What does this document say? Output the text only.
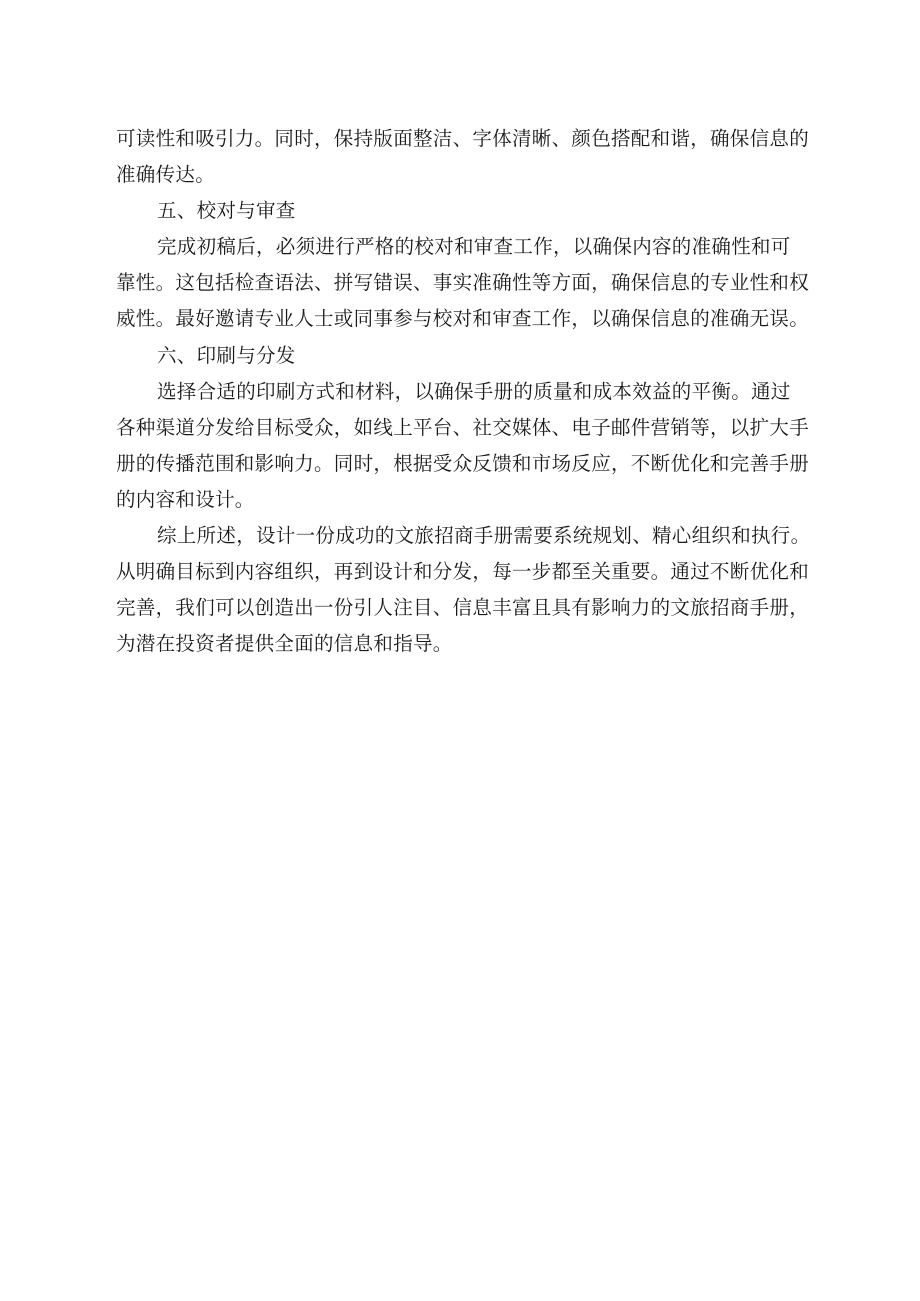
可读性和吸引力。同时，保持版面整洁、字体清晰、颜色搭配和谐，确保信息的
准确传达。
五、校对与审查
完成初稿后，必须进行严格的校对和审查工作，以确保内容的准确性和可
靠性。这包括检查语法、拼写错误、事实准确性等方面，确保信息的专业性和权
威性。最好邀请专业人士或同事参与校对和审查工作，以确保信息的准确无误。
六、印刷与分发
选择合适的印刷方式和材料，以确保手册的质量和成本效益的平衡。通过
各种渠道分发给目标受众，如线上平台、社交媒体、电子邮件营销等，以扩大手
册的传播范围和影响力。同时，根据受众反馈和市场反应，不断优化和完善手册
的内容和设计。
综上所述，设计一份成功的文旅招商手册需要系统规划、精心组织和执行。
从明确目标到内容组织，再到设计和分发，每一步都至关重要。通过不断优化和
完善，我们可以创造出一份引人注目、信息丰富且具有影响力的文旅招商手册，
为潜在投资者提供全面的信息和指导。
